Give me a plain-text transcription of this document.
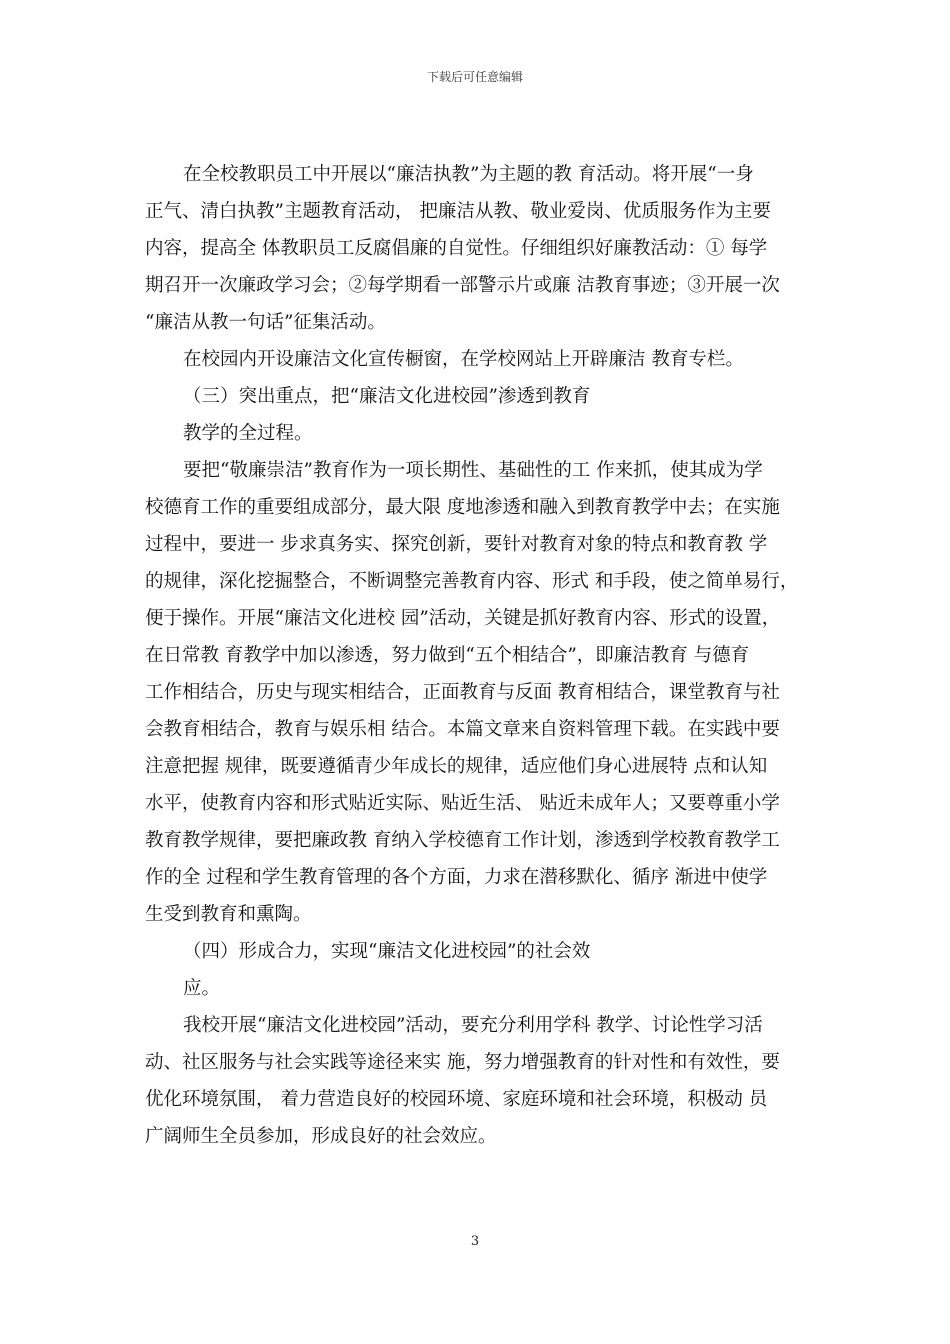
下载后可任意编辑
在全校教职员工中开展以“廉洁执教”为主题的教 育活动。将开展“一身
正气、清白执教”主题教育活动， 把廉洁从教、敬业爱岗、优质服务作为主要
内容，提高全 体教职员工反腐倡廉的自觉性。仔细组织好廉教活动：① 每学
期召开一次廉政学习会；②每学期看一部警示片或廉 洁教育事迹；③开展一次
“廉洁从教一句话”征集活动。
在校园内开设廉洁文化宣传橱窗，在学校网站上开辟廉洁 教育专栏。
（三）突出重点，把“廉洁文化进校园”渗透到教育
教学的全过程。
要把“敬廉崇洁”教育作为一项长期性、基础性的工 作来抓，使其成为学
校德育工作的重要组成部分，最大限 度地渗透和融入到教育教学中去；在实施
过程中，要进一 步求真务实、探究创新，要针对教育对象的特点和教育教 学
的规律，深化挖掘整合，不断调整完善教育内容、形式 和手段，使之简单易行，
便于操作。开展“廉洁文化进校 园”活动，关键是抓好教育内容、形式的设置，
在日常教 育教学中加以渗透，努力做到“五个相结合”，即廉洁教育 与德育
工作相结合，历史与现实相结合，正面教育与反面 教育相结合，课堂教育与社
会教育相结合，教育与娱乐相 结合。本篇文章来自资料管理下载。在实践中要
注意把握 规律，既要遵循青少年成长的规律，适应他们身心进展特 点和认知
水平，使教育内容和形式贴近实际、贴近生活、 贴近未成年人；又要尊重小学
教育教学规律，要把廉政教 育纳入学校德育工作计划，渗透到学校教育教学工
作的全 过程和学生教育管理的各个方面，力求在潜移默化、循序 渐进中使学
生受到教育和熏陶。
（四）形成合力，实现“廉洁文化进校园”的社会效
应。
我校开展“廉洁文化进校园”活动，要充分利用学科 教学、讨论性学习活
动、社区服务与社会实践等途径来实 施，努力增强教育的针对性和有效性，要
优化环境氛围， 着力营造良好的校园环境、家庭环境和社会环境，积极动 员
广阔师生全员参加，形成良好的社会效应。
3
